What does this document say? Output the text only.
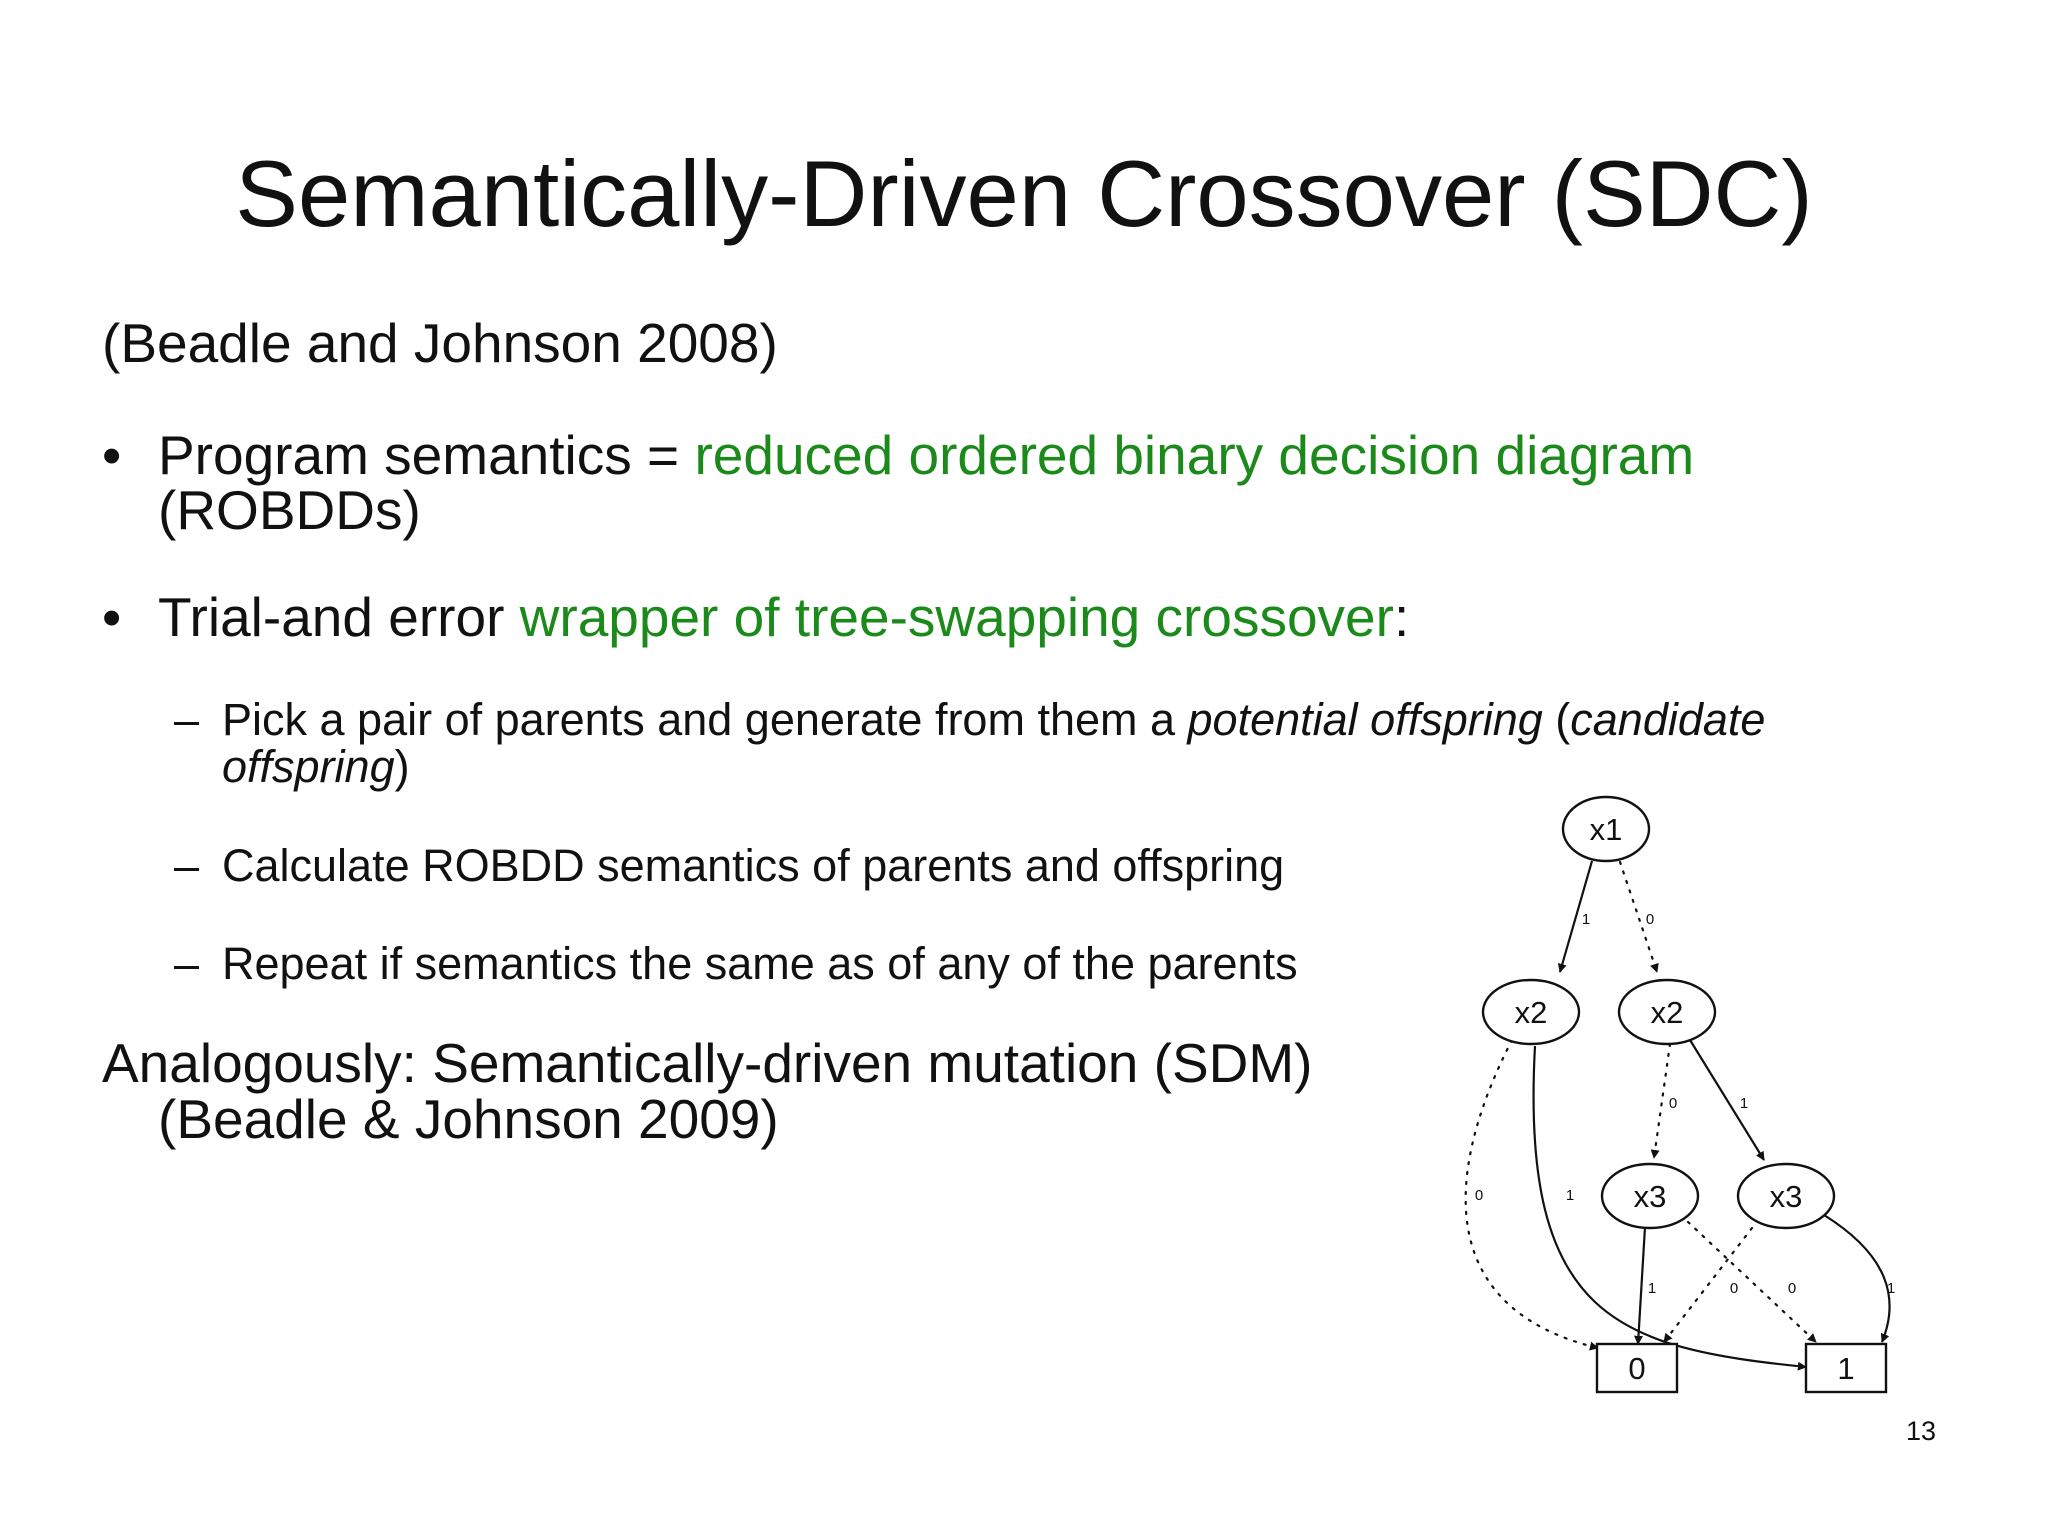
Semantically-Driven Crossover (SDC)
(Beadle and Johnson 2008)
• Program semantics = reduced ordered binary decision diagram
(ROBDDs)
• Trial-and error wrapper of tree-swapping crossover:
– Pick a pair of parents and generate from them a potential offspring (candidate
offspring)
– Calculate ROBDD semantics of parents and offspring
– Repeat if semantics the same as of any of the parents
Analogously: Semantically-driven mutation (SDM)
(Beadle & Johnson 2009)
1	0
0	1
0	1
1	0	0	1
x1
x2	x2
x3	x3
0	1
13
